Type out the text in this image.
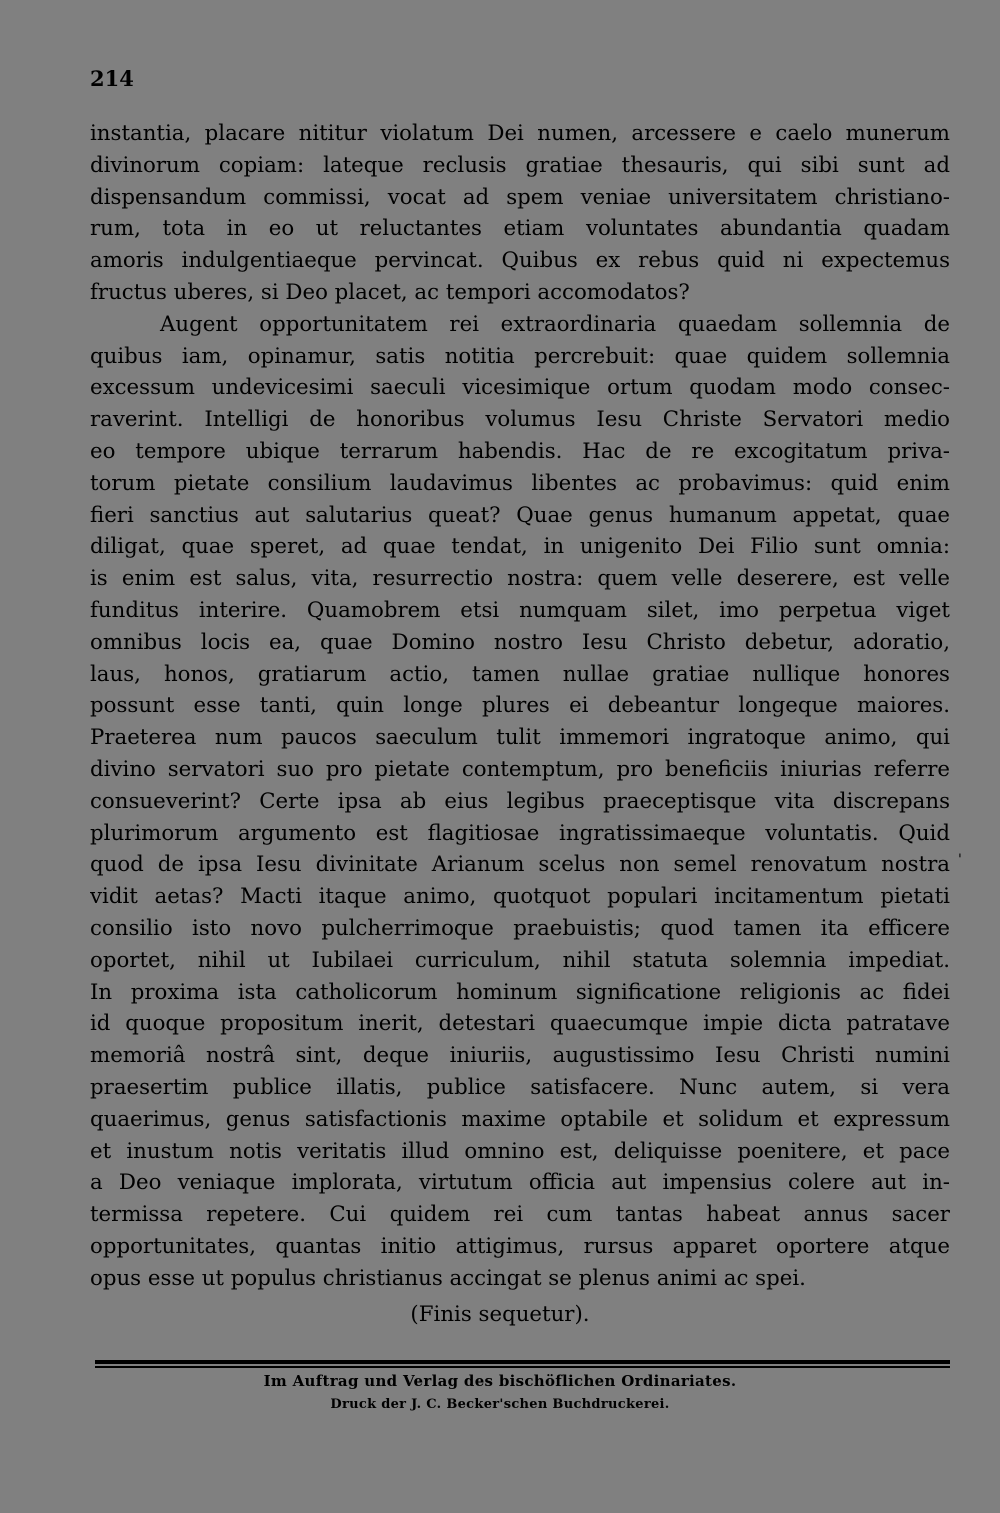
214
instantia, placare nititur violatum Dei numen, arcessere e caelo munerum
divinorum copiam: lateque reclusis gratiae thesauris, qui sibi sunt ad
dispensandum commissi, vocat ad spem veniae universitatem christiano-
rum, tota in eo ut reluctantes etiam voluntates abundantia quadam
amoris indulgentiaeque pervincat. Quibus ex rebus quid ni expectemus
fructus uberes, si Deo placet, ac tempori accomodatos?
Augent opportunitatem rei extraordinaria quaedam sollemnia de
quibus iam, opinamur, satis notitia percrebuit: quae quidem sollemnia
excessum undevicesimi saeculi vicesimique ortum quodam modo consec-
raverint. Intelligi de honoribus volumus Iesu Christe Servatori medio
eo tempore ubique terrarum habendis. Hac de re excogitatum priva-
torum pietate consilium laudavimus libentes ac probavimus: quid enim
fieri sanctius aut salutarius queat? Quae genus humanum appetat, quae
diligat, quae speret, ad quae tendat, in unigenito Dei Filio sunt omnia:
is enim est salus, vita, resurrectio nostra: quem velle deserere, est velle
funditus interire. Quamobrem etsi numquam silet, imo perpetua viget
omnibus locis ea, quae Domino nostro Iesu Christo debetur, adoratio,
laus, honos, gratiarum actio, tamen nullae gratiae nullique honores
possunt esse tanti, quin longe plures ei debeantur longeque maiores.
Praeterea num paucos saeculum tulit immemori ingratoque animo, qui
divino servatori suo pro pietate contemptum, pro beneficiis iniurias referre
consueverint? Certe ipsa ab eius legibus praeceptisque vita discrepans
plurimorum argumento est flagitiosae ingratissimaeque voluntatis. Quid
quod de ipsa Iesu divinitate Arianum scelus non semel renovatum nostra
vidit aetas? Macti itaque animo, quotquot populari incitamentum pietati
consilio isto novo pulcherrimoque praebuistis; quod tamen ita efficere
oportet, nihil ut Iubilaei curriculum, nihil statuta solemnia impediat.
In proxima ista catholicorum hominum significatione religionis ac fidei
id quoque propositum inerit, detestari quaecumque impie dicta patratave
memoriâ nostrâ sint, deque iniuriis, augustissimo Iesu Christi numini
praesertim publice illatis, publice satisfacere. Nunc autem, si vera
quaerimus, genus satisfactionis maxime optabile et solidum et expressum
et inustum notis veritatis illud omnino est, deliquisse poenitere, et pace
a Deo veniaque implorata, virtutum officia aut impensius colere aut in-
termissa repetere. Cui quidem rei cum tantas habeat annus sacer
opportunitates, quantas initio attigimus, rursus apparet oportere atque
opus esse ut populus christianus accingat se plenus animi ac spei.
'
(Finis sequetur).
Im Auftrag und Verlag des bischöflichen Ordinariates.
Druck der J. C. Becker'schen Buchdruckerei.
